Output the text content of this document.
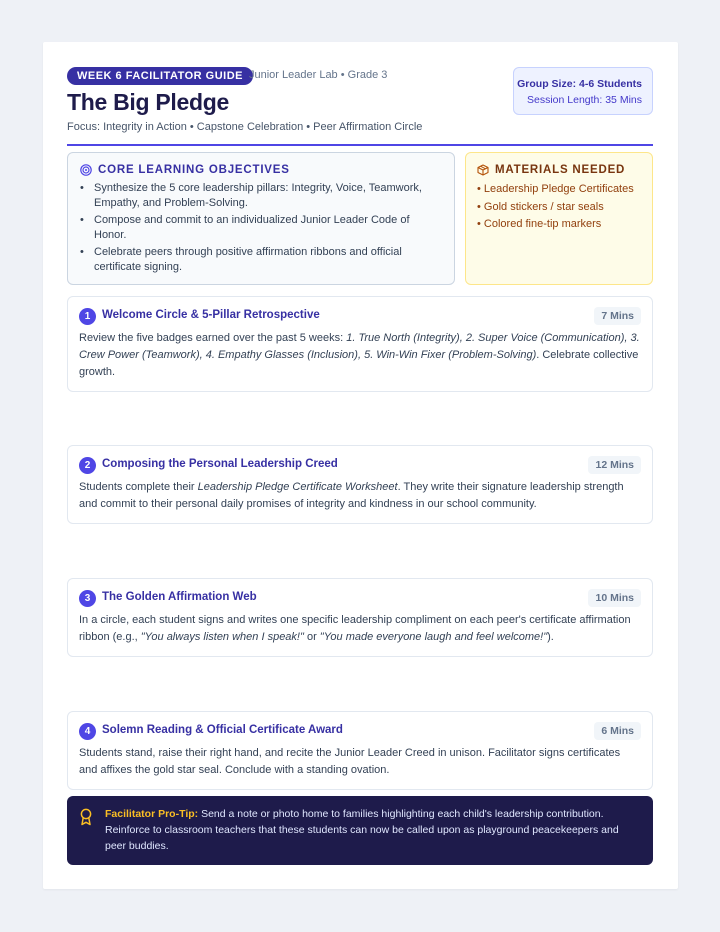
WEEK 6 FACILITATOR GUIDE Junior Leader Lab • Grade 3
The Big Pledge
Focus: Integrity in Action • Capstone Celebration • Peer Affirmation Circle
Group Size: 4-6 Students
Session Length: 35 Mins
CORE LEARNING OBJECTIVES
• Synthesize the 5 core leadership pillars: Integrity, Voice, Teamwork, Empathy, and Problem-Solving.
• Compose and commit to an individualized Junior Leader Code of Honor.
• Celebrate peers through positive affirmation ribbons and official certificate signing.
MATERIALS NEEDED
• Leadership Pledge Certificates
• Gold stickers / star seals
• Colored fine-tip markers
1	Welcome Circle & 5-Pillar Retrospective	7 Mins
Review the five badges earned over the past 5 weeks: 1. True North (Integrity), 2. Super Voice (Communication), 3. Crew Power (Teamwork), 4. Empathy Glasses (Inclusion), 5. Win-Win Fixer (Problem-Solving). Celebrate collective growth.
2	Composing the Personal Leadership Creed	12 Mins
Students complete their Leadership Pledge Certificate Worksheet. They write their signature leadership strength and commit to their personal daily promises of integrity and kindness in our school community.
3	The Golden Affirmation Web	10 Mins
In a circle, each student signs and writes one specific leadership compliment on each peer's certificate affirmation ribbon (e.g., "You always listen when I speak!" or "You made everyone laugh and feel welcome!").
4	Solemn Reading & Official Certificate Award	6 Mins
Students stand, raise their right hand, and recite the Junior Leader Creed in unison. Facilitator signs certificates and affixes the gold star seal. Conclude with a standing ovation.
Facilitator Pro-Tip: Send a note or photo home to families highlighting each child's leadership contribution. Reinforce to classroom teachers that these students can now be called upon as playground peacekeepers and peer buddies.
